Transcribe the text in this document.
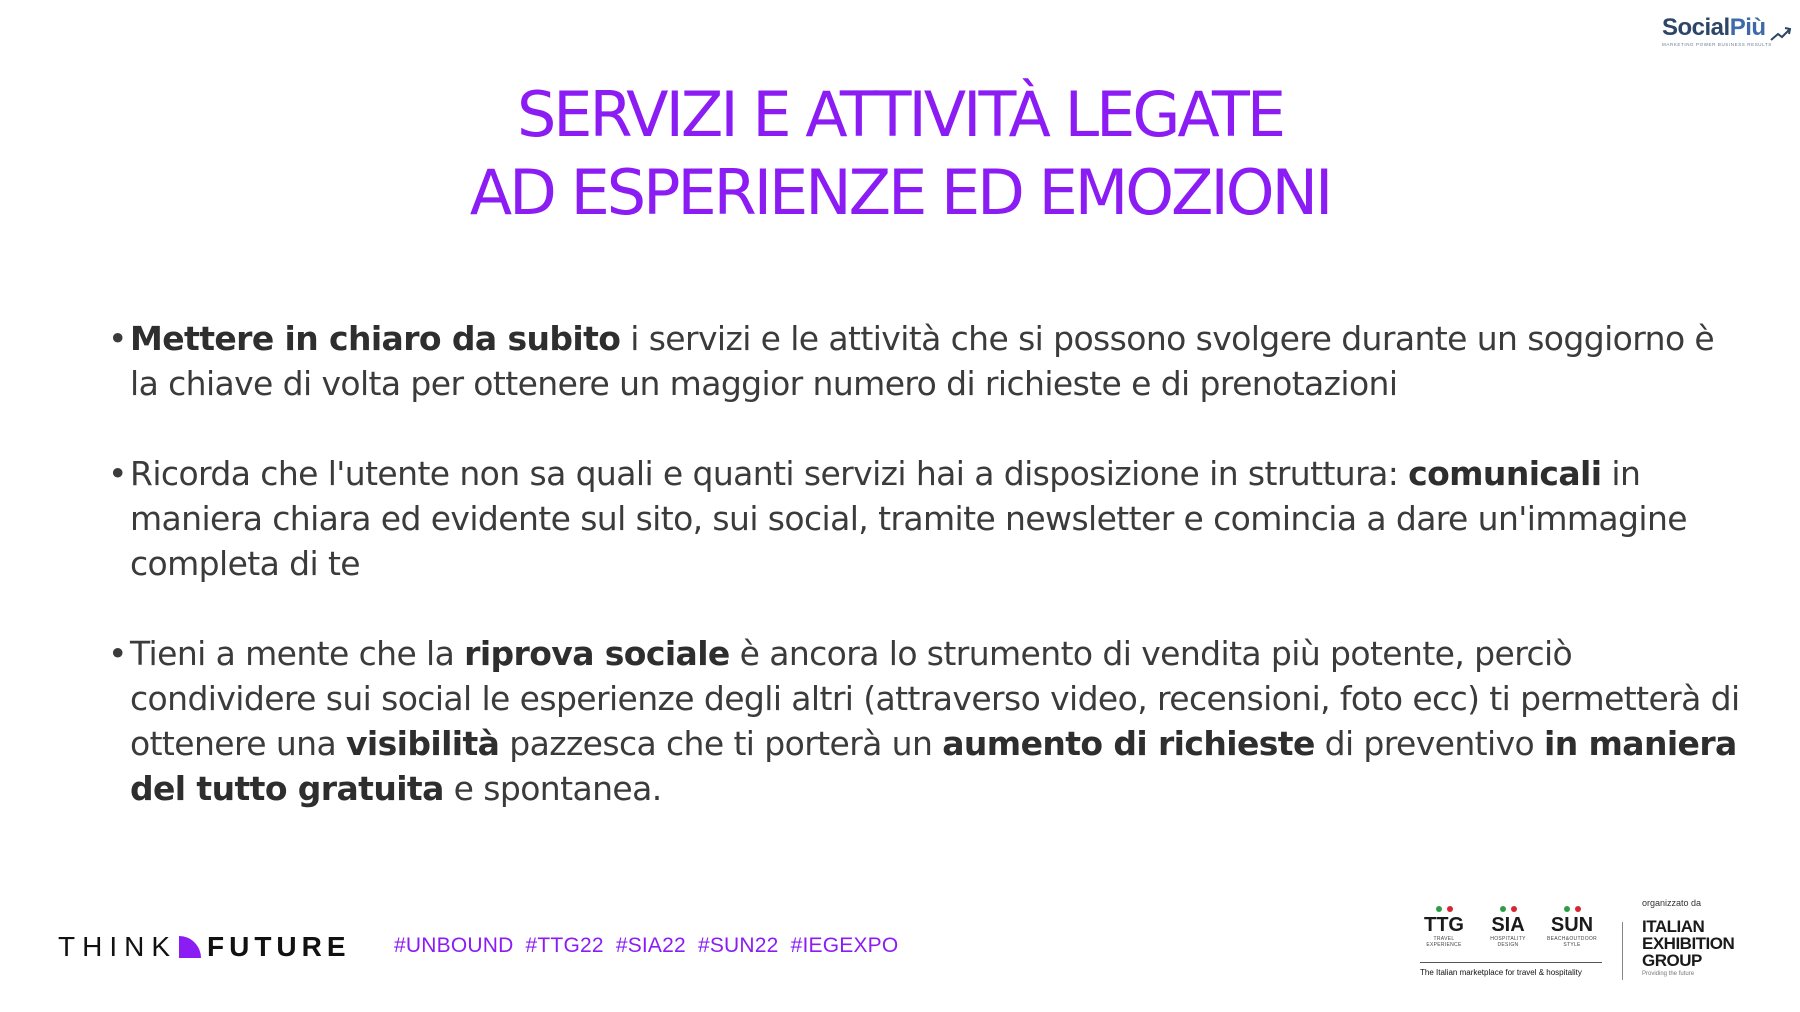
SocialPiù
MARKETING POWER BUSINESS RESULTS
SERVIZI E ATTIVITÀ LEGATE
AD ESPERIENZE ED EMOZIONI
• Mettere in chiaro da subito i servizi e le attività che si possono svolgere durante un soggiorno è la chiave di volta per ottenere un maggior numero di richieste e di prenotazioni
• Ricorda che l'utente non sa quali e quanti servizi hai a disposizione in struttura: comunicali in maniera chiara ed evidente sul sito, sui social, tramite newsletter e comincia a dare un'immagine completa di te
• Tieni a mente che la riprova sociale è ancora lo strumento di vendita più potente, perciò condividere sui social le esperienze degli altri (attraverso video, recensioni, foto ecc) ti permetterà di ottenere una visibilità pazzesca che ti porterà un aumento di richieste di preventivo in maniera del tutto gratuita e spontanea.
THINK FUTURE #UNBOUND  #TTG22  #SIA22  #SUN22  #IEGEXPO
TTG
TRAVEL
EXPERIENCE
SIA
HOSPITALITY
DESIGN
SUN
BEACH&OUTDOOR
STYLE
The Italian marketplace for travel & hospitality
organizzato da
ITALIAN
EXHIBITION
GROUP
Providing the future
